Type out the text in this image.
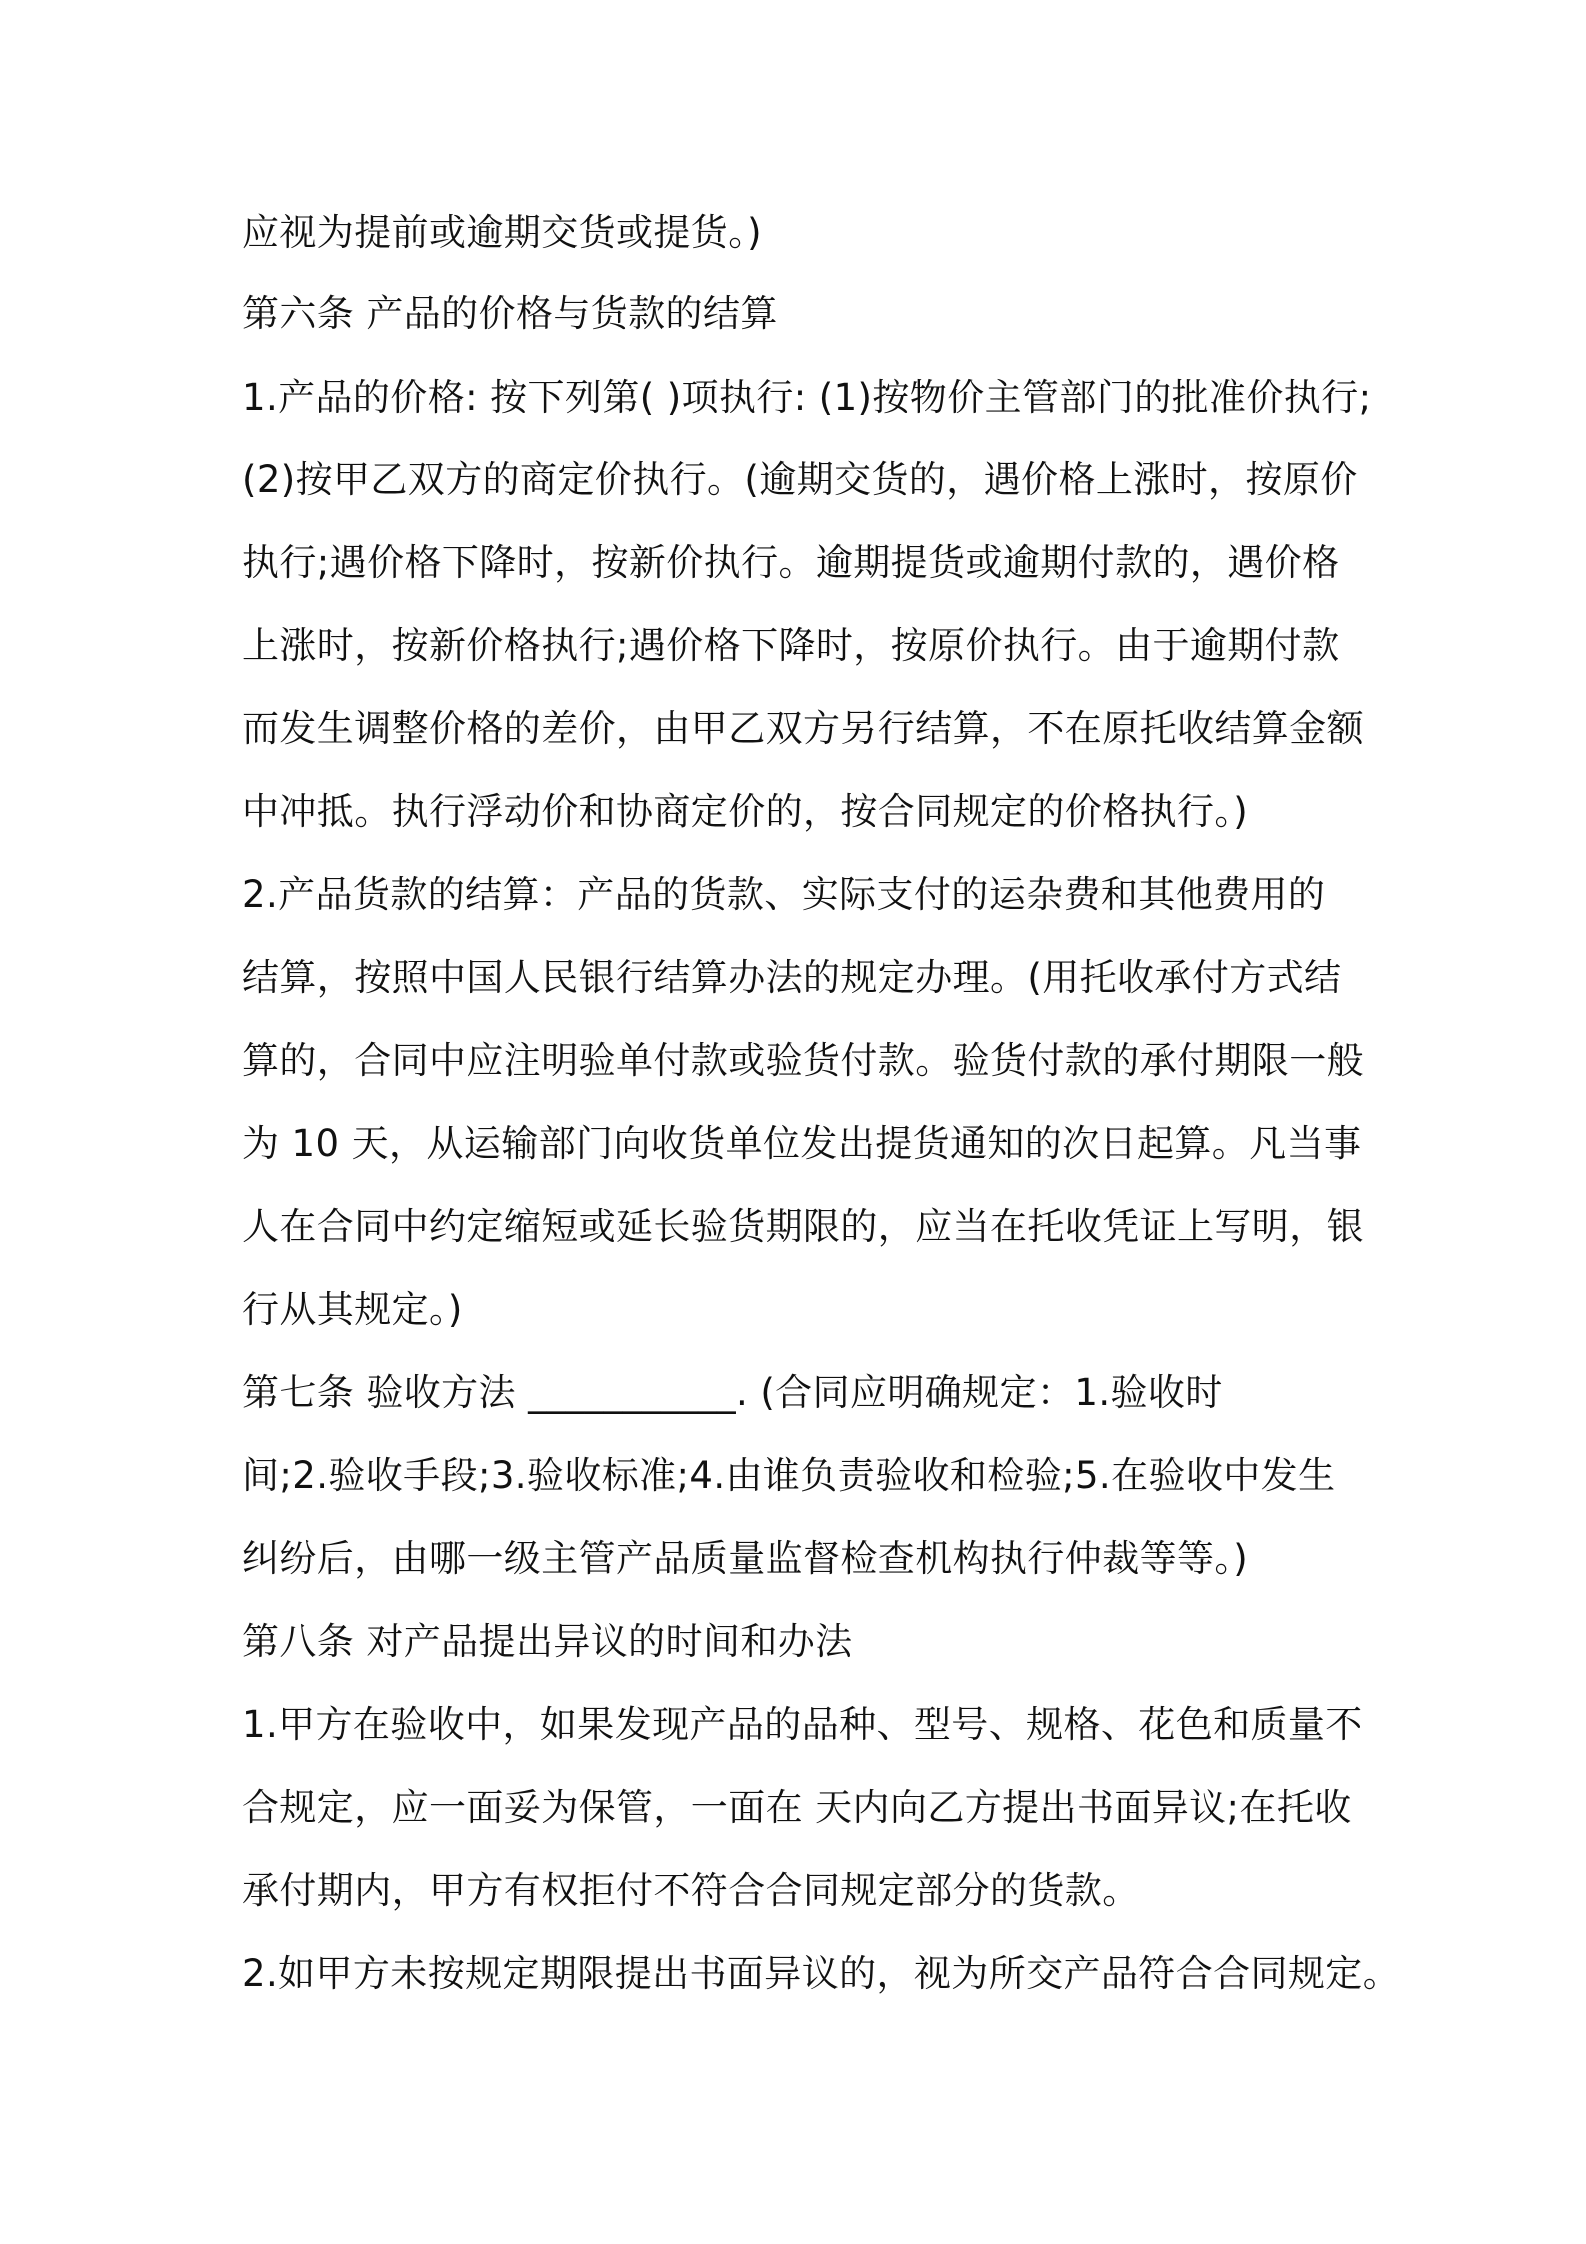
应视为提前或逾期交货或提货。)

第六条 产品的价格与货款的结算

1.产品的价格: 按下列第( )项执行: (1)按物价主管部门的批准价执行;

(2)按甲乙双方的商定价执行。(逾期交货的，遇价格上涨时，按原价

执行;遇价格下降时，按新价执行。逾期提货或逾期付款的，遇价格

上涨时，按新价格执行;遇价格下降时，按原价执行。由于逾期付款

而发生调整价格的差价，由甲乙双方另行结算，不在原托收结算金额

中冲抵。执行浮动价和协商定价的，按合同规定的价格执行。)

2.产品货款的结算：产品的货款、实际支付的运杂费和其他费用的

结算，按照中国人民银行结算办法的规定办理。(用托收承付方式结

算的，合同中应注明验单付款或验货付款。验货付款的承付期限一般

为 10 天，从运输部门向收货单位发出提货通知的次日起算。凡当事

人在合同中约定缩短或延长验货期限的，应当在托收凭证上写明，银

行从其规定。)

第七条 验收方法 ___________. (合同应明确规定：1.验收时

间;2.验收手段;3.验收标准;4.由谁负责验收和检验;5.在验收中发生

纠纷后，由哪一级主管产品质量监督检查机构执行仲裁等等。)

第八条 对产品提出异议的时间和办法

1.甲方在验收中，如果发现产品的品种、型号、规格、花色和质量不

合规定，应一面妥为保管，一面在 天内向乙方提出书面异议;在托收

承付期内，甲方有权拒付不符合合同规定部分的货款。

2.如甲方未按规定期限提出书面异议的，视为所交产品符合合同规定。
